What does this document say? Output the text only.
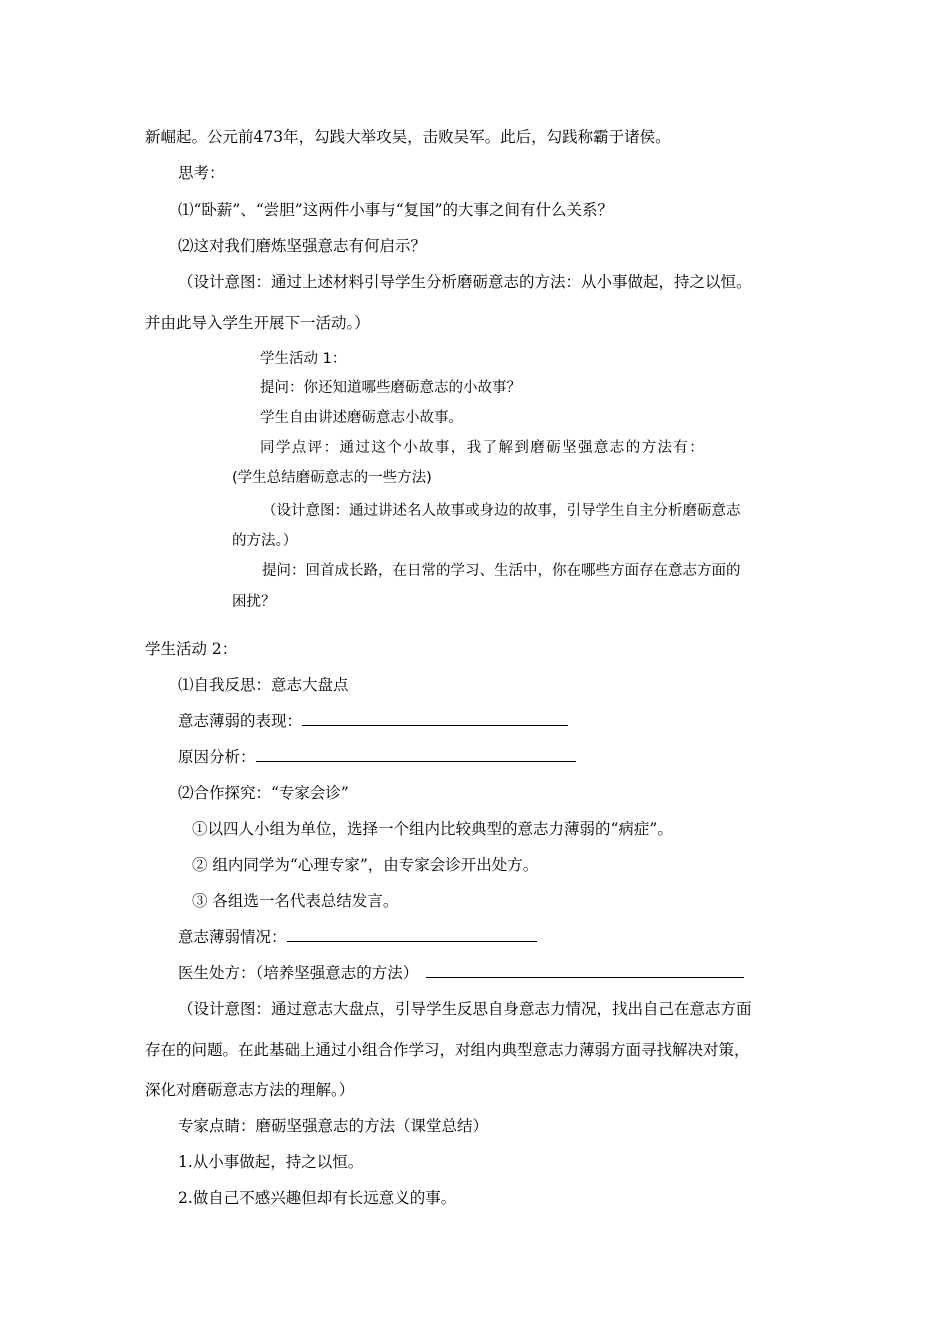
新崛起。公元前473年，勾践大举攻吴，击败吴军。此后，勾践称霸于诸侯。
思考：
⑴“卧薪”、“尝胆”这两件小事与“复国”的大事之间有什么关系？
⑵这对我们磨炼坚强意志有何启示？
（设计意图：通过上述材料引导学生分析磨砺意志的方法：从小事做起，持之以恒。
并由此导入学生开展下一活动。）
学生活动 1：
提问：你还知道哪些磨砺意志的小故事？
学生自由讲述磨砺意志小故事。
同学点评：通过这个小故事，我了解到磨砺坚强意志的方法有：
(学生总结磨砺意志的一些方法)
（设计意图：通过讲述名人故事或身边的故事，引导学生自主分析磨砺意志
的方法。）
提问：回首成长路，在日常的学习、生活中，你在哪些方面存在意志方面的
困扰？
学生活动 2：
⑴自我反思：意志大盘点
意志薄弱的表现：
原因分析：
⑵合作探究：“专家会诊”
①以四人小组为单位，选择一个组内比较典型的意志力薄弱的“病症”。
② 组内同学为“心理专家”，由专家会诊开出处方。
③ 各组选一名代表总结发言。
意志薄弱情况：
医生处方：（培养坚强意志的方法）
（设计意图：通过意志大盘点，引导学生反思自身意志力情况，找出自己在意志方面
存在的问题。在此基础上通过小组合作学习，对组内典型意志力薄弱方面寻找解决对策，
深化对磨砺意志方法的理解。）
专家点睛：磨砺坚强意志的方法（课堂总结）
1.从小事做起，持之以恒。
2.做自己不感兴趣但却有长远意义的事。
